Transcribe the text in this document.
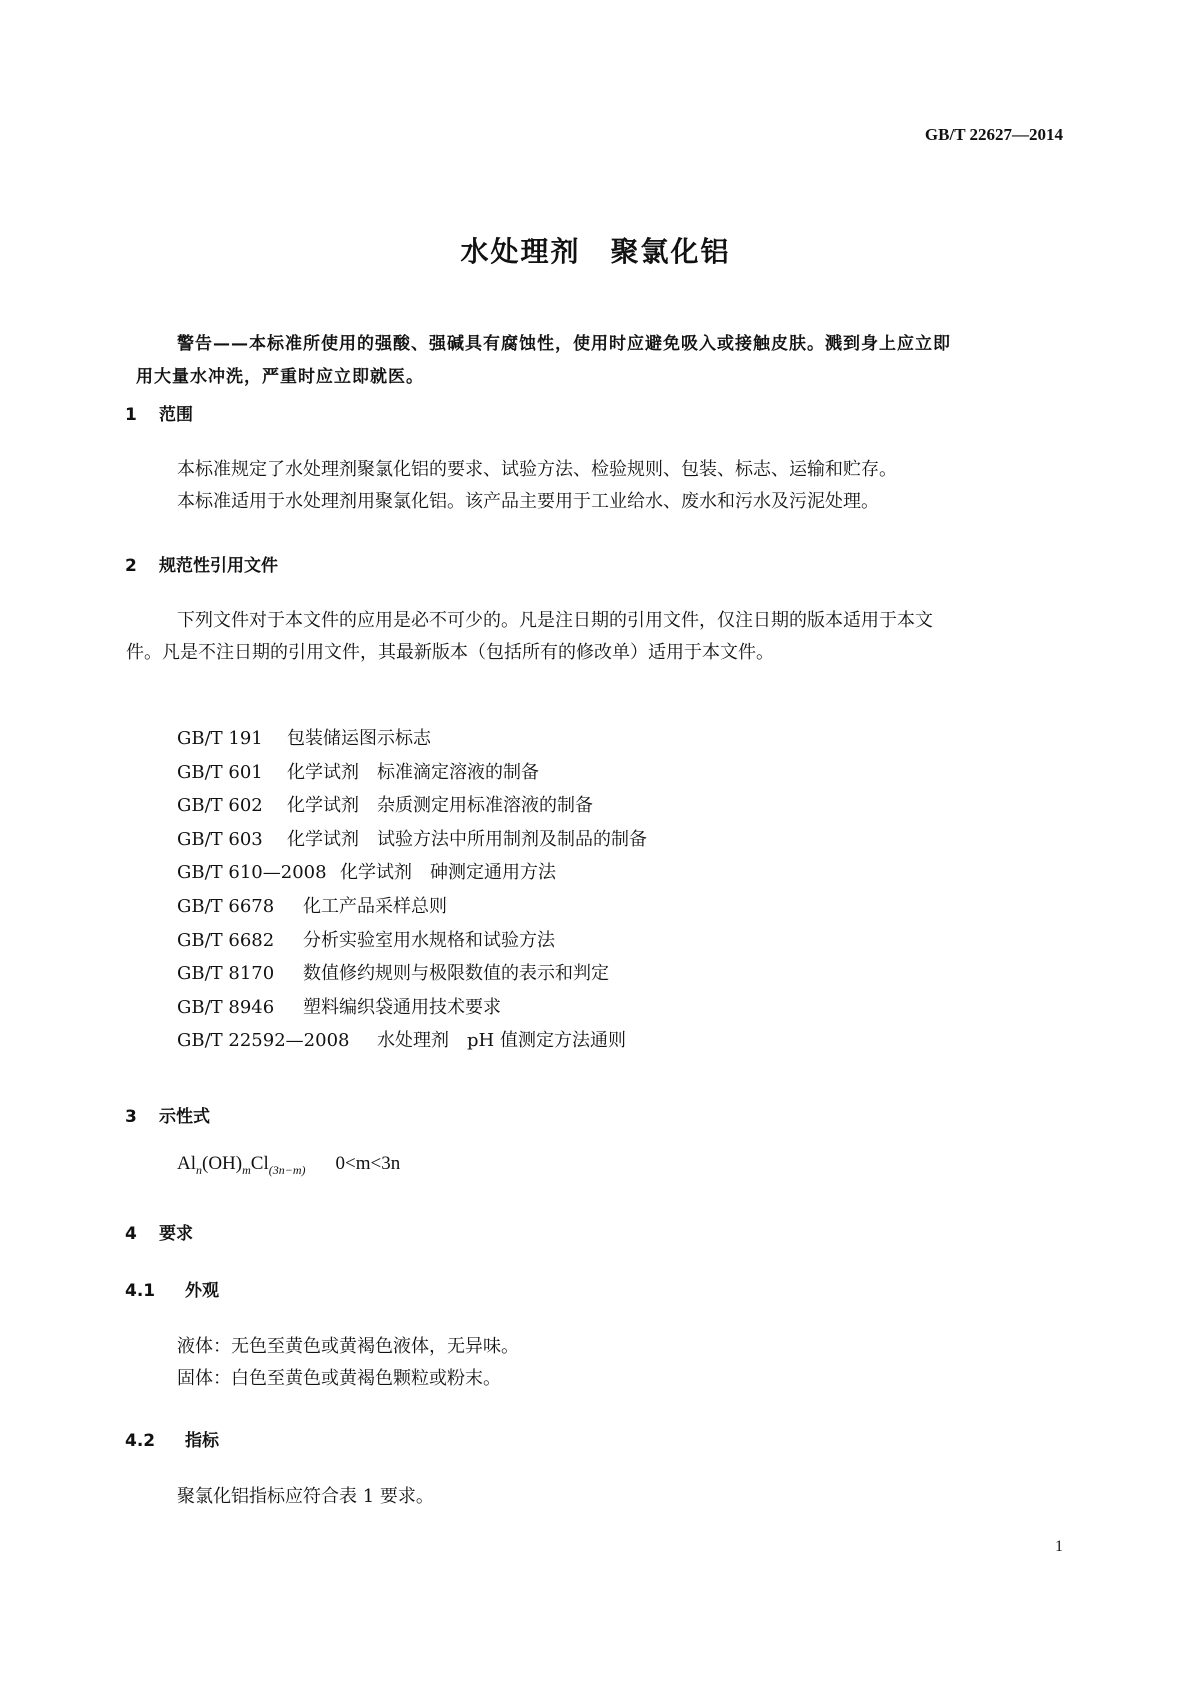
GB/T 22627—2014
水处理剂　聚氯化铝
警告——本标准所使用的强酸、强碱具有腐蚀性，使用时应避免吸入或接触皮肤。溅到身上应立即
用大量水冲洗，严重时应立即就医。
1 范围
本标准规定了水处理剂聚氯化铝的要求、试验方法、检验规则、包装、标志、运输和贮存。
本标准适用于水处理剂用聚氯化铝。该产品主要用于工业给水、废水和污水及污泥处理。
2 规范性引用文件
下列文件对于本文件的应用是必不可少的。凡是注日期的引用文件，仅注日期的版本适用于本文
件。凡是不注日期的引用文件，其最新版本（包括所有的修改单）适用于本文件。
GB/T 191 包装储运图示标志
GB/T 601 化学试剂　标准滴定溶液的制备
GB/T 602 化学试剂　杂质测定用标准溶液的制备
GB/T 603 化学试剂　试验方法中所用制剂及制品的制备
GB/T 610—2008 化学试剂　砷测定通用方法
GB/T 6678 化工产品采样总则
GB/T 6682 分析实验室用水规格和试验方法
GB/T 8170 数值修约规则与极限数值的表示和判定
GB/T 8946 塑料编织袋通用技术要求
GB/T 22592—2008 水处理剂　pH 值测定方法通则
3 示性式
$Al_n(OH)_mCl_{(3n-m)}$ 0<m<3n
4 要求
4.1 外观
液体：无色至黄色或黄褐色液体，无异味。
固体：白色至黄色或黄褐色颗粒或粉末。
4.2 指标
聚氯化铝指标应符合表 1 要求。
1
